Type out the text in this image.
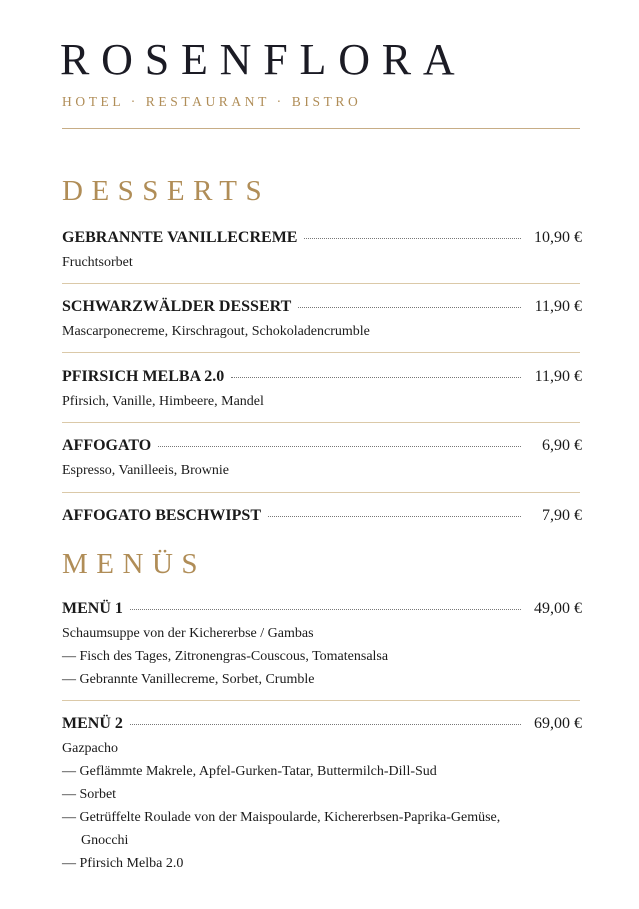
ROSENFLORA
HOTEL · RESTAURANT · BISTRO
DESSERTS
GEBRANNTE VANILLECREME	10,90 €
Fruchtsorbet
SCHWARZWÄLDER DESSERT	11,90 €
Mascarponecreme, Kirschragout, Schokoladencrumble
PFIRSICH MELBA 2.0	11,90 €
Pfirsich, Vanille, Himbeere, Mandel
AFFOGATO	6,90 €
Espresso, Vanilleeis, Brownie
AFFOGATO BESCHWIPST	7,90 €
MENÜS
MENÜ 1	49,00 €
Schaumsuppe von der Kichererbse / Gambas
— Fisch des Tages, Zitronengras-Couscous, Tomatensalsa
— Gebrannte Vanillecreme, Sorbet, Crumble
MENÜ 2	69,00 €
Gazpacho
— Geflämmte Makrele, Apfel-Gurken-Tatar, Buttermilch-Dill-Sud
— Sorbet
— Getrüffelte Roulade von der Maispoularde, Kichererbsen-Paprika-Gemüse,
Gnocchi
— Pfirsich Melba 2.0
